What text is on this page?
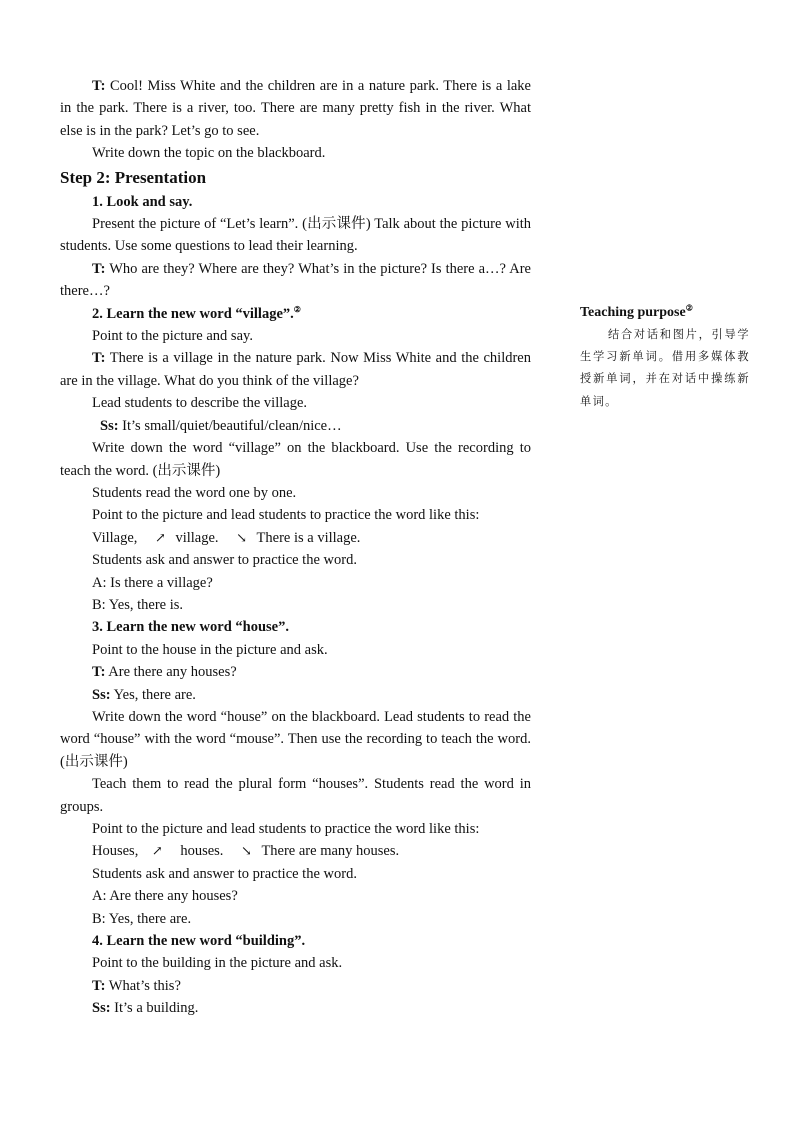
T: Cool! Miss White and the children are in a nature park. There is a lake in the park. There is a river, too. There are many pretty fish in the river. What else is in the park? Let’s go to see.

Write down the topic on the blackboard.

Step 2: Presentation

1. Look and say.

Present the picture of “Let’s learn”. (出示课件) Talk about the picture with students. Use some questions to lead their learning.

T: Who are they? Where are they? What’s in the picture? Is there a…? Are there…?

2. Learn the new word “village”.②

Point to the picture and say.

T: There is a village in the nature park. Now Miss White and the children are in the village. What do you think of the village?

Lead students to describe the village.

Ss: It’s small/quiet/beautiful/clean/nice…

Write down the word “village” on the blackboard. Use the recording to teach the word. (出示课件)

Students read the word one by one.

Point to the picture and lead students to practice the word like this:

Village, ↗ village. ↘ There is a village.

Students ask and answer to practice the word.

A: Is there a village?

B: Yes, there is.

3. Learn the new word “house”.

Point to the house in the picture and ask.

T: Are there any houses?

Ss: Yes, there are.

Write down the word “house” on the blackboard. Lead students to read the word “house” with the word “mouse”. Then use the recording to teach the word. (出示课件)

Teach them to read the plural form “houses”. Students read the word in groups.

Point to the picture and lead students to practice the word like this:

Houses, ↗ houses. ↘ There are many houses.

Students ask and answer to practice the word.

A: Are there any houses?

B: Yes, there are.

4. Learn the new word “building”.

Point to the building in the picture and ask.

T: What’s this?

Ss: It’s a building.

Teaching purpose②

结合对话和图片，引导学生学习新单词。借用多媒体教授新单词，并在对话中操练新单词。
